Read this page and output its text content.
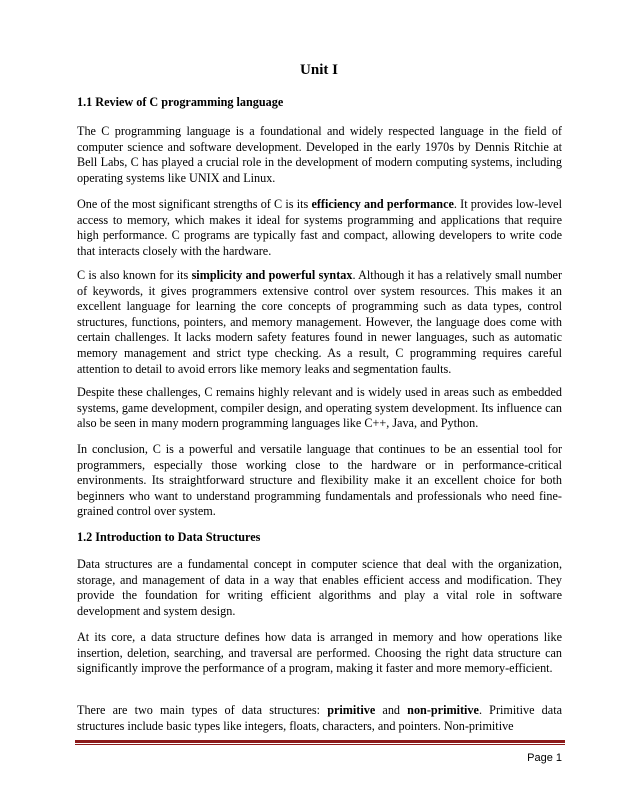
Unit I
1.1 Review of C programming language

The C programming language is a foundational and widely respected language in the field of computer science and software development. Developed in the early 1970s by Dennis Ritchie at Bell Labs, C has played a crucial role in the development of modern computing systems, including operating systems like UNIX and Linux.

One of the most significant strengths of C is its efficiency and performance. It provides low-level access to memory, which makes it ideal for systems programming and applications that require high performance. C programs are typically fast and compact, allowing developers to write code that interacts closely with the hardware.

C is also known for its simplicity and powerful syntax. Although it has a relatively small number of keywords, it gives programmers extensive control over system resources. This makes it an excellent language for learning the core concepts of programming such as data types, control structures, functions, pointers, and memory management. However, the language does come with certain challenges. It lacks modern safety features found in newer languages, such as automatic memory management and strict type checking. As a result, C programming requires careful attention to detail to avoid errors like memory leaks and segmentation faults.

Despite these challenges, C remains highly relevant and is widely used in areas such as embedded systems, game development, compiler design, and operating system development. Its influence can also be seen in many modern programming languages like C++, Java, and Python.

In conclusion, C is a powerful and versatile language that continues to be an essential tool for programmers, especially those working close to the hardware or in performance-critical environments. Its straightforward structure and flexibility make it an excellent choice for both beginners who want to understand programming fundamentals and professionals who need fine-grained control over system.

1.2 Introduction to Data Structures

Data structures are a fundamental concept in computer science that deal with the organization, storage, and management of data in a way that enables efficient access and modification. They provide the foundation for writing efficient algorithms and play a vital role in software development and system design.

At its core, a data structure defines how data is arranged in memory and how operations like insertion, deletion, searching, and traversal are performed. Choosing the right data structure can significantly improve the performance of a program, making it faster and more memory-efficient.

There are two main types of data structures: primitive and non-primitive. Primitive data structures include basic types like integers, floats, characters, and pointers. Non-primitive

Page 1
